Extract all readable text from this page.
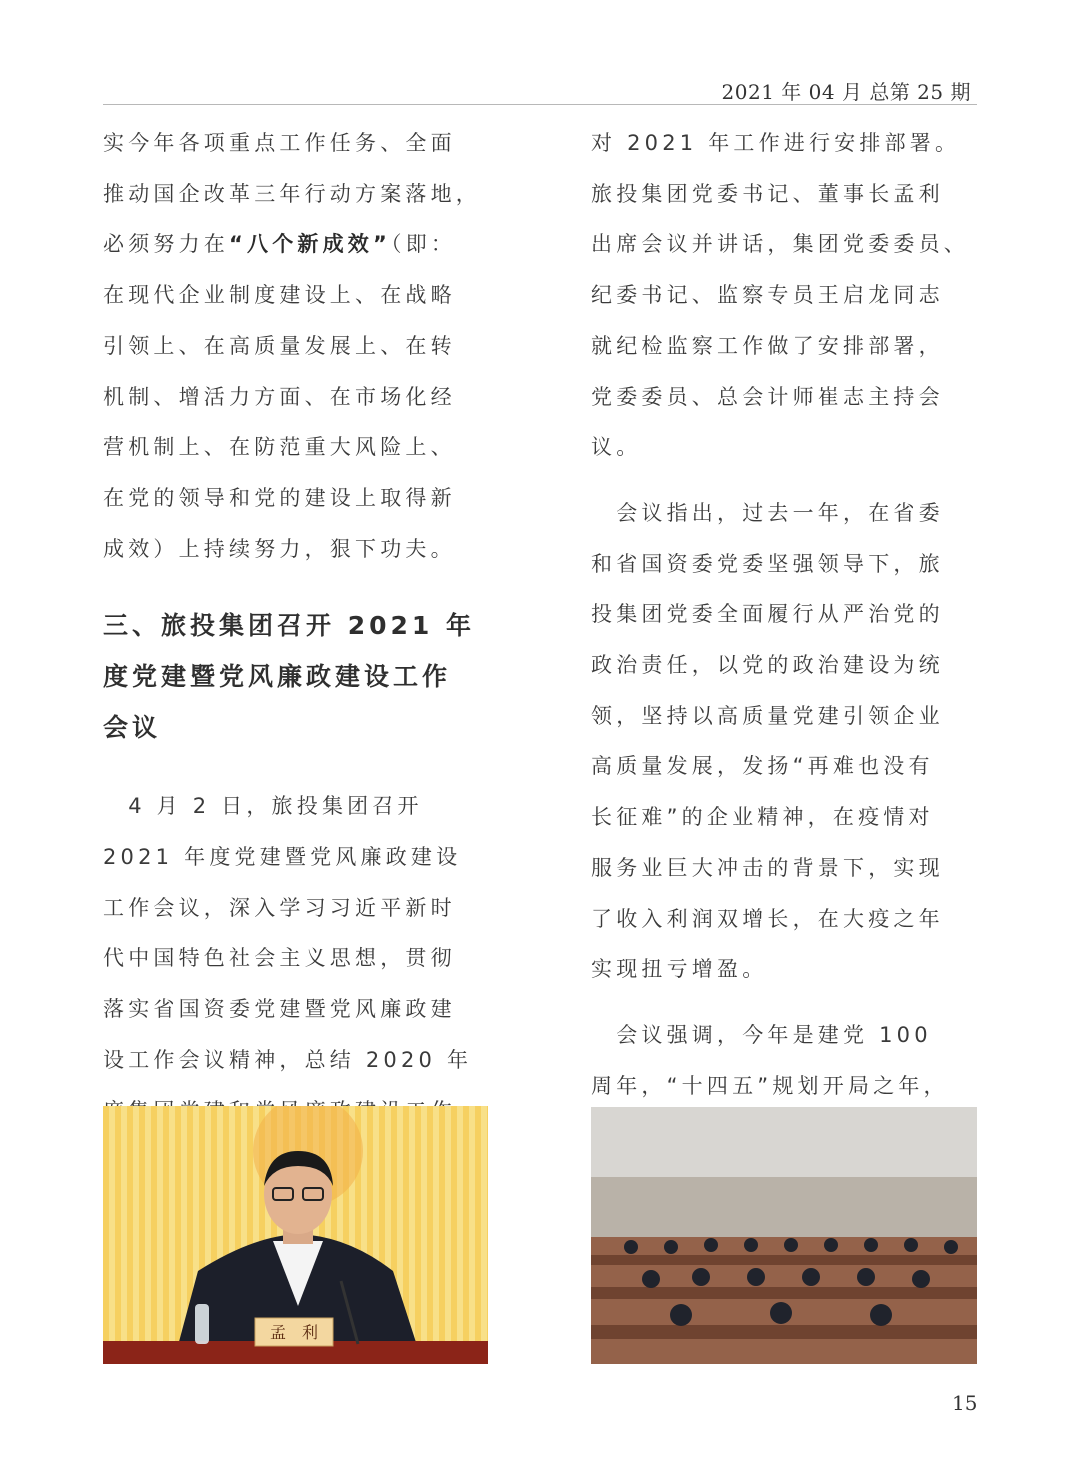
2021 年 04 月 总第 25 期

实今年各项重点工作任务、全面
推动国企改革三年行动方案落地，
必须努力在“八个新成效”（即：
在现代企业制度建设上、在战略
引领上、在高质量发展上、在转
机制、增活力方面、在市场化经
营机制上、在防范重大风险上、
在党的领导和党的建设上取得新
成效）上持续努力，狠下功夫。

三、旅投集团召开 2021 年
度党建暨党风廉政建设工作
会议

　4 月 2 日，旅投集团召开
2021 年度党建暨党风廉政建设
工作会议，深入学习习近平新时
代中国特色社会主义思想，贯彻
落实省国资委党建暨党风廉政建
设工作会议精神，总结 2020 年

对 2021 年工作进行安排部署。
旅投集团党委书记、董事长孟利
出席会议并讲话，集团党委委员、
纪委书记、监察专员王启龙同志
就纪检监察工作做了安排部署，
党委委员、总会计师崔志主持会
议。

　会议指出，过去一年，在省委
和省国资委党委坚强领导下，旅
投集团党委全面履行从严治党的
政治责任，以党的政治建设为统
领，坚持以高质量党建引领企业
高质量发展，发扬“再难也没有
长征难”的企业精神，在疫情对
服务业巨大冲击的背景下，实现
了收入利润双增长，在大疫之年
实现扭亏增盈。

　会议强调，今年是建党 100
周年，“十四五”规划开局之年，

孟　利
15
